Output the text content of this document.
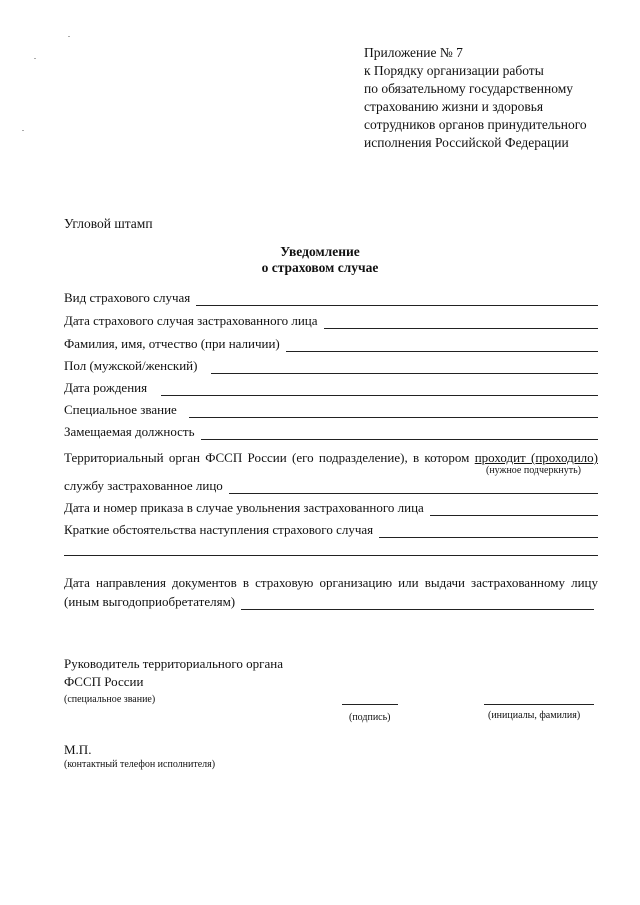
Приложение № 7
к Порядку организации работы
по обязательному государственному
страхованию жизни и здоровья
сотрудников органов принудительного
исполнения Российской Федерации
Угловой штамп
Уведомление
о страховом случае
Вид страхового случая
Дата страхового случая застрахованного лица
Фамилия, имя, отчество (при наличии)
Пол (мужской/женский)
Дата рождения
Специальное звание
Замещаемая должность
Территориальный орган ФССП России (его подразделение), в котором проходит (проходило)
(нужное подчеркнуть)
службу застрахованное лицо
Дата и номер приказа в случае увольнения застрахованного лица
Краткие обстоятельства наступления страхового случая
Дата направления документов в страховую организацию или выдачи застрахованному лицу
(иным выгодоприобретателям)
Руководитель территориального органа
ФССП России
(специальное звание)
(подпись)	(инициалы, фамилия)
М.П.
(контактный телефон исполнителя)
